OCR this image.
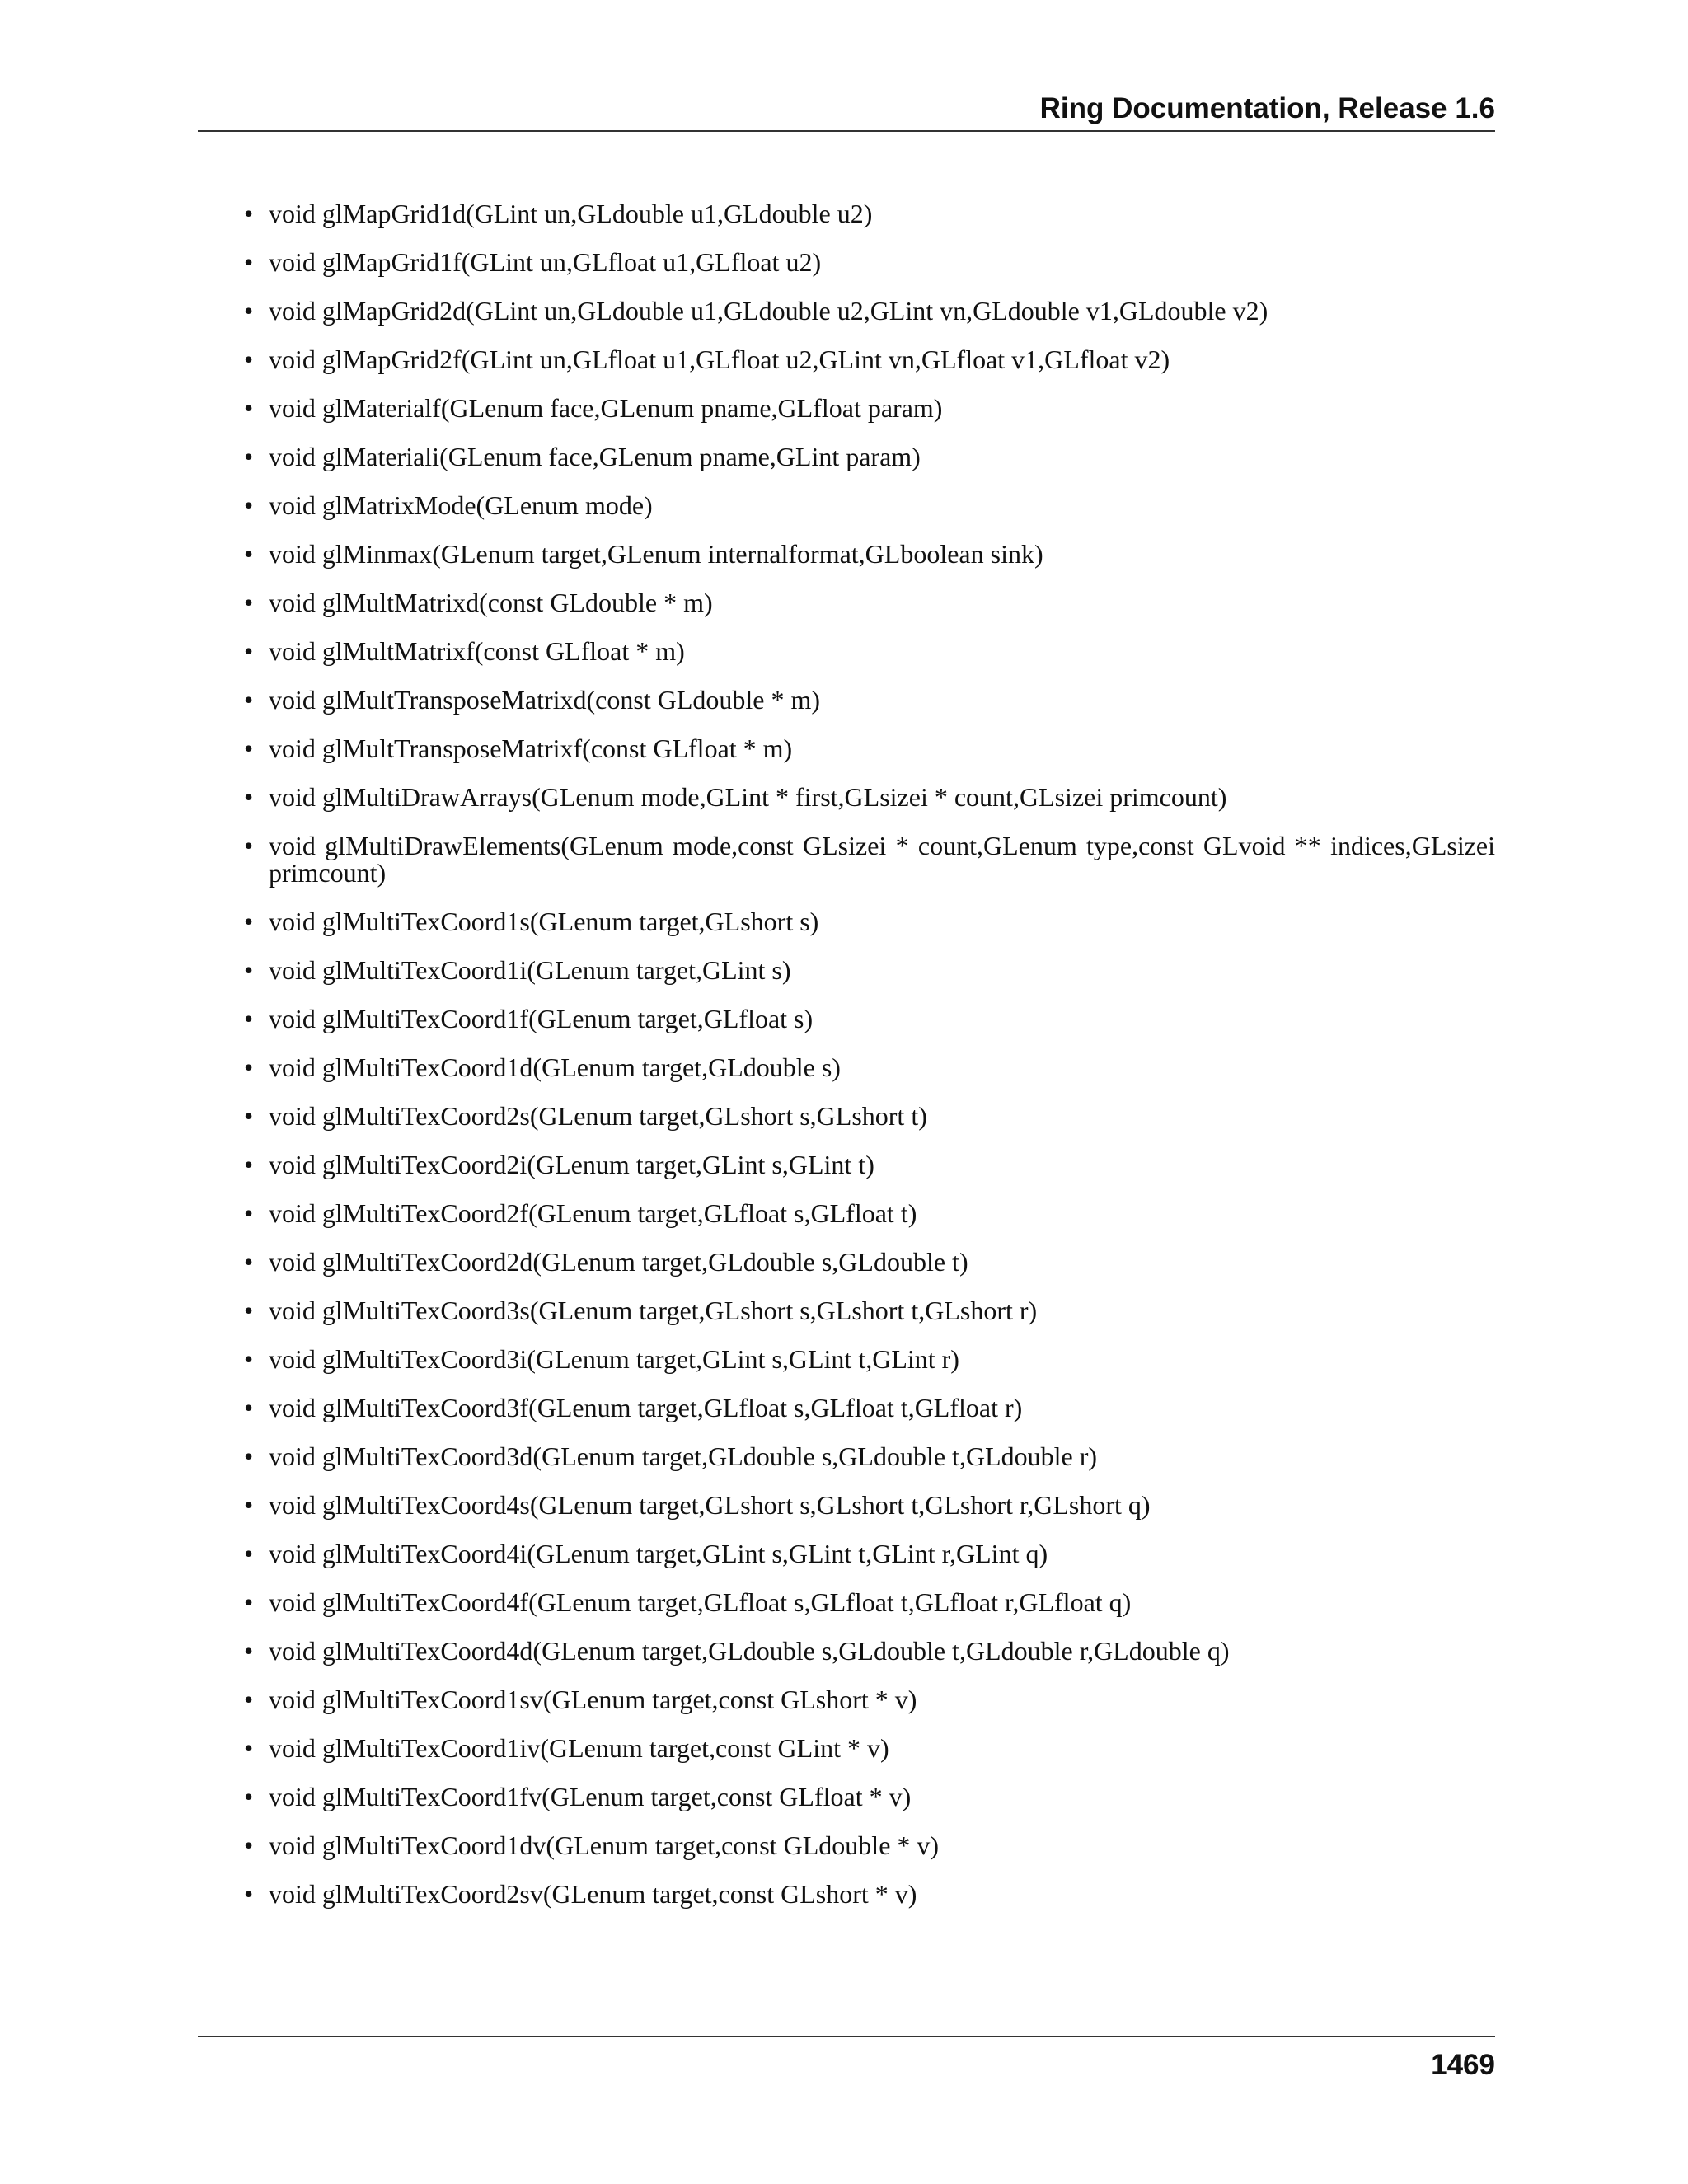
Ring Documentation, Release 1.6
• void glMapGrid1d(GLint un,GLdouble u1,GLdouble u2)
• void glMapGrid1f(GLint un,GLfloat u1,GLfloat u2)
• void glMapGrid2d(GLint un,GLdouble u1,GLdouble u2,GLint vn,GLdouble v1,GLdouble v2)
• void glMapGrid2f(GLint un,GLfloat u1,GLfloat u2,GLint vn,GLfloat v1,GLfloat v2)
• void glMaterialf(GLenum face,GLenum pname,GLfloat param)
• void glMateriali(GLenum face,GLenum pname,GLint param)
• void glMatrixMode(GLenum mode)
• void glMinmax(GLenum target,GLenum internalformat,GLboolean sink)
• void glMultMatrixd(const GLdouble * m)
• void glMultMatrixf(const GLfloat * m)
• void glMultTransposeMatrixd(const GLdouble * m)
• void glMultTransposeMatrixf(const GLfloat * m)
• void glMultiDrawArrays(GLenum mode,GLint * first,GLsizei * count,GLsizei primcount)
• void glMultiDrawElements(GLenum mode,const GLsizei * count,GLenum type,const GLvoid ** indices,GLsizei primcount)
• void glMultiTexCoord1s(GLenum target,GLshort s)
• void glMultiTexCoord1i(GLenum target,GLint s)
• void glMultiTexCoord1f(GLenum target,GLfloat s)
• void glMultiTexCoord1d(GLenum target,GLdouble s)
• void glMultiTexCoord2s(GLenum target,GLshort s,GLshort t)
• void glMultiTexCoord2i(GLenum target,GLint s,GLint t)
• void glMultiTexCoord2f(GLenum target,GLfloat s,GLfloat t)
• void glMultiTexCoord2d(GLenum target,GLdouble s,GLdouble t)
• void glMultiTexCoord3s(GLenum target,GLshort s,GLshort t,GLshort r)
• void glMultiTexCoord3i(GLenum target,GLint s,GLint t,GLint r)
• void glMultiTexCoord3f(GLenum target,GLfloat s,GLfloat t,GLfloat r)
• void glMultiTexCoord3d(GLenum target,GLdouble s,GLdouble t,GLdouble r)
• void glMultiTexCoord4s(GLenum target,GLshort s,GLshort t,GLshort r,GLshort q)
• void glMultiTexCoord4i(GLenum target,GLint s,GLint t,GLint r,GLint q)
• void glMultiTexCoord4f(GLenum target,GLfloat s,GLfloat t,GLfloat r,GLfloat q)
• void glMultiTexCoord4d(GLenum target,GLdouble s,GLdouble t,GLdouble r,GLdouble q)
• void glMultiTexCoord1sv(GLenum target,const GLshort * v)
• void glMultiTexCoord1iv(GLenum target,const GLint * v)
• void glMultiTexCoord1fv(GLenum target,const GLfloat * v)
• void glMultiTexCoord1dv(GLenum target,const GLdouble * v)
• void glMultiTexCoord2sv(GLenum target,const GLshort * v)
1469
